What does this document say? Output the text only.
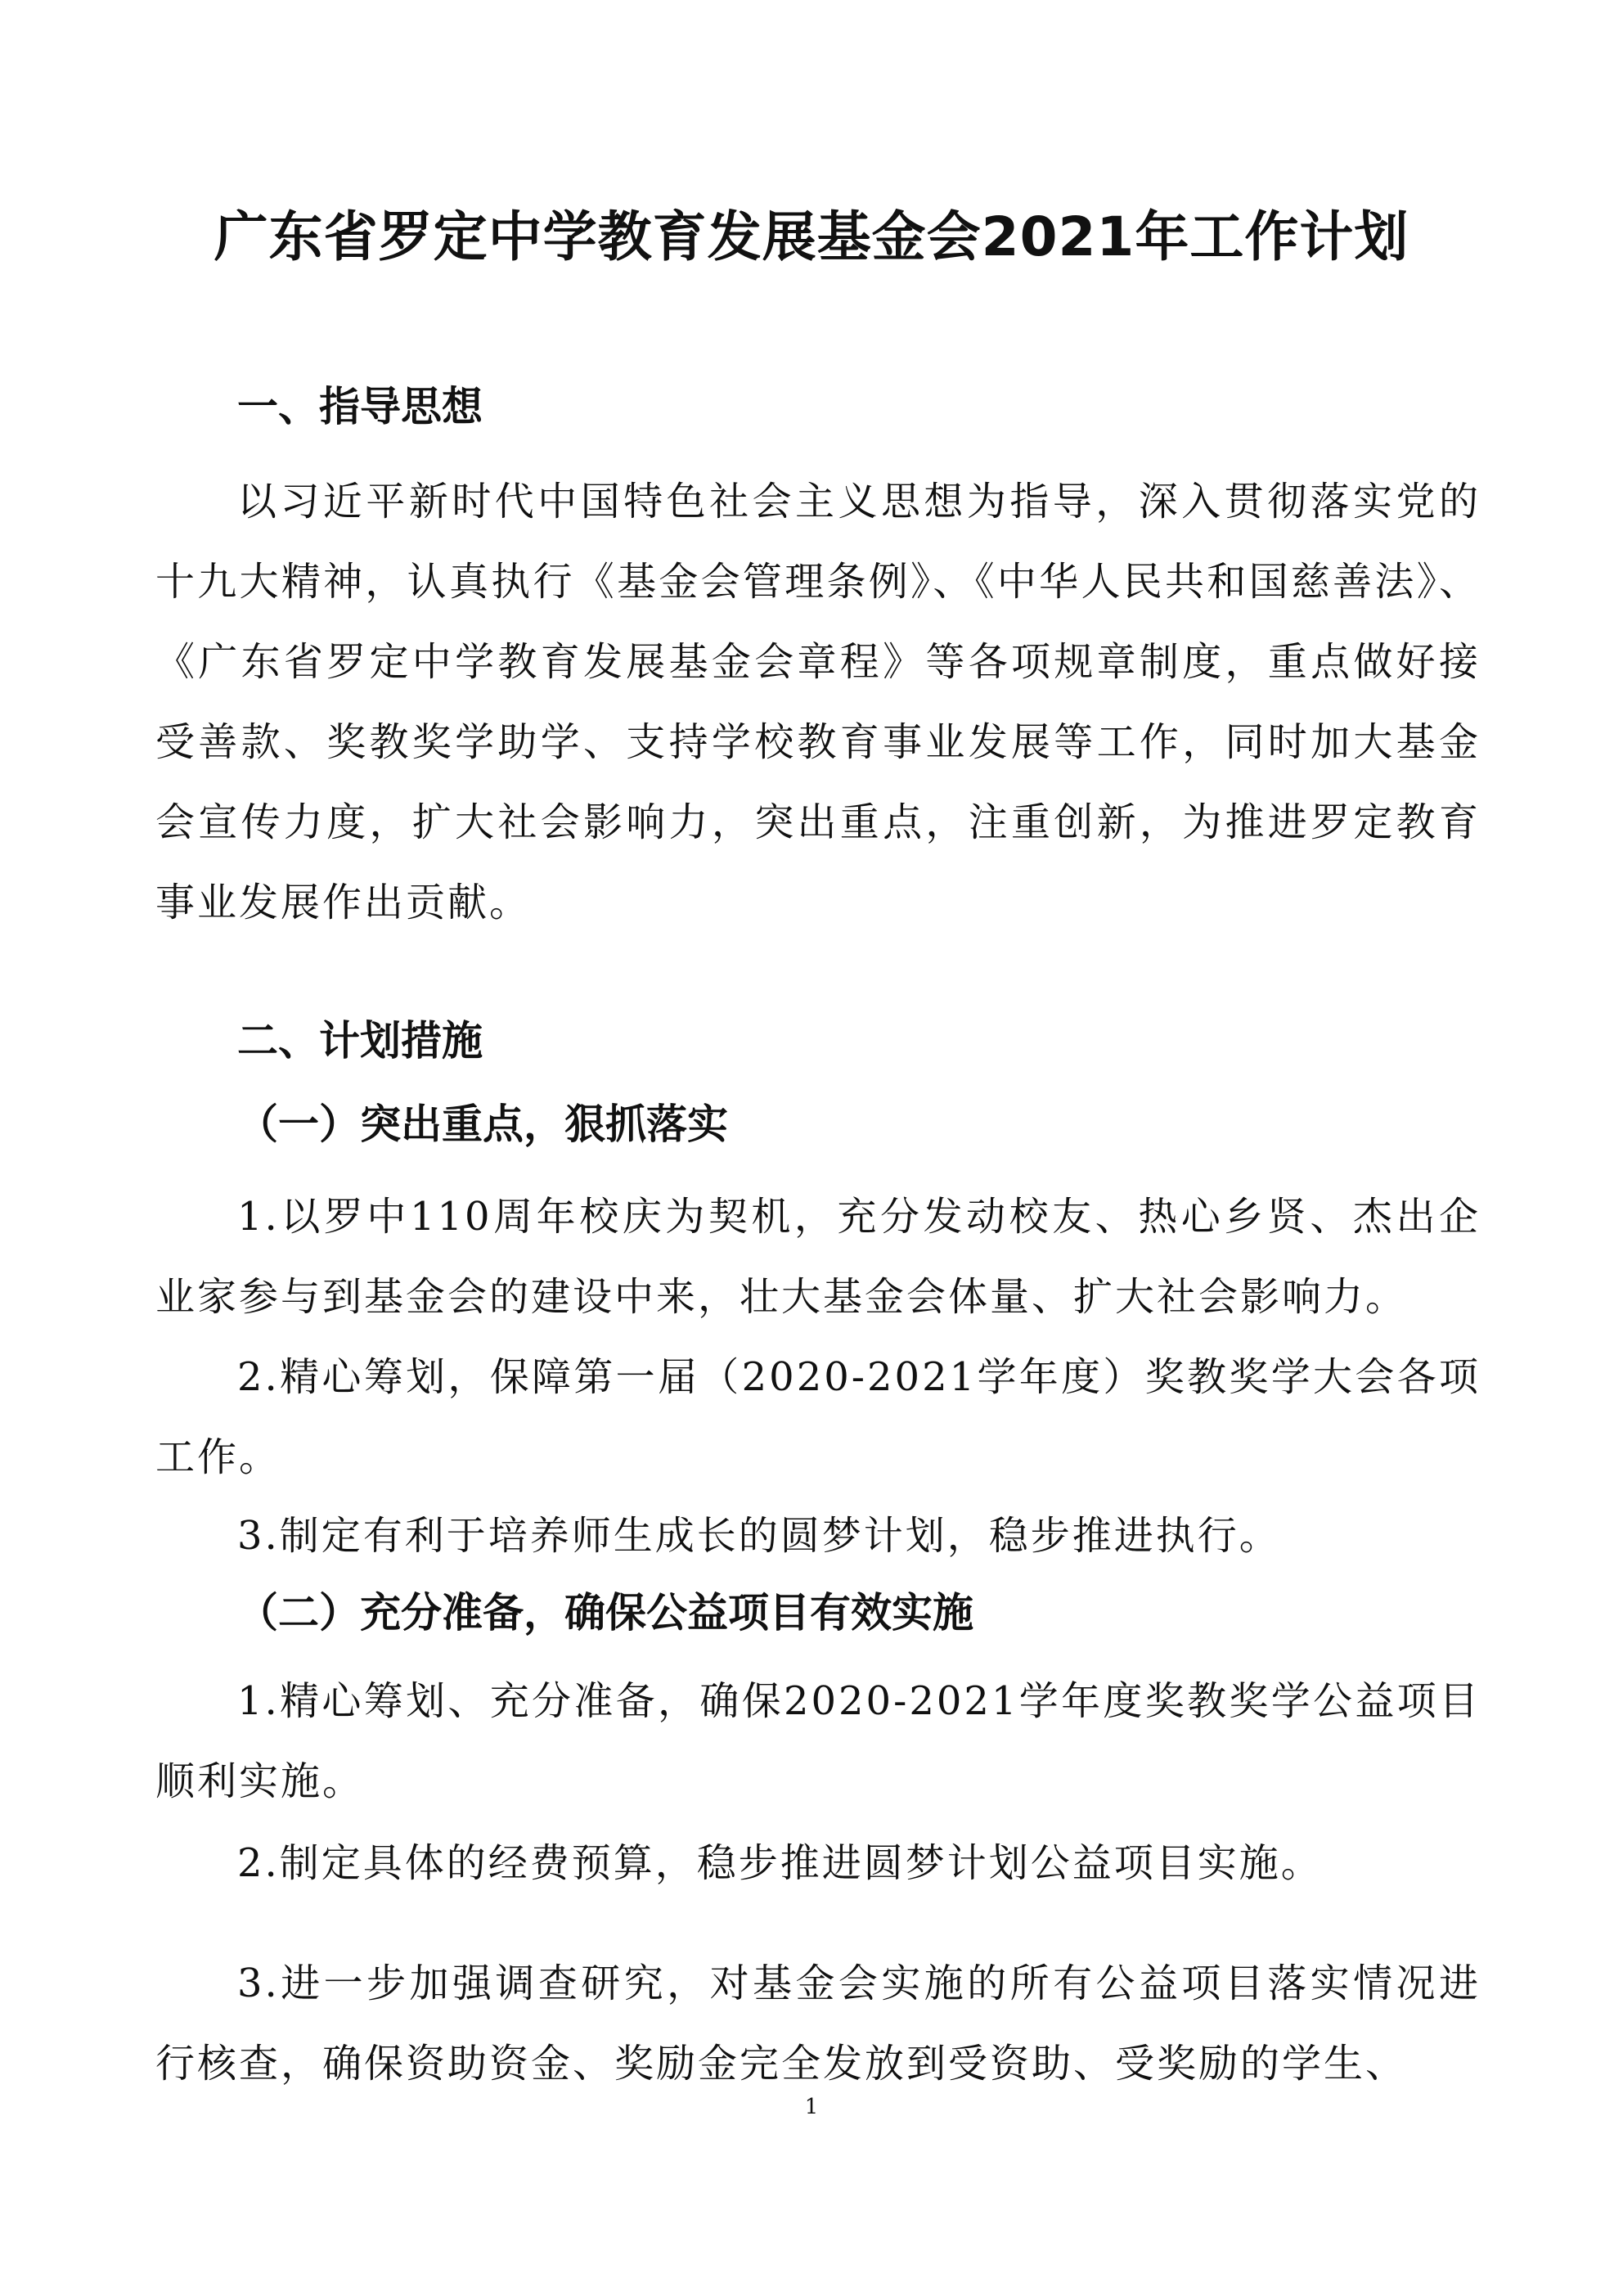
广东省罗定中学教育发展基金会2021年工作计划
一、指导思想
以习近平新时代中国特色社会主义思想为指导，深入贯彻落实党的十九大精神，认真执行《基金会管理条例》、《中华人民共和国慈善法》、《广东省罗定中学教育发展基金会章程》等各项规章制度，重点做好接受善款、奖教奖学助学、支持学校教育事业发展等工作，同时加大基金会宣传力度，扩大社会影响力，突出重点，注重创新，为推进罗定教育事业发展作出贡献。
二、计划措施
（一）突出重点，狠抓落实
1.以罗中110周年校庆为契机，充分发动校友、热心乡贤、杰出企业家参与到基金会的建设中来，壮大基金会体量、扩大社会影响力。
2.精心筹划，保障第一届（2020-2021学年度）奖教奖学大会各项工作。
3.制定有利于培养师生成长的圆梦计划，稳步推进执行。
（二）充分准备，确保公益项目有效实施
1.精心筹划、充分准备，确保2020-2021学年度奖教奖学公益项目顺利实施。
2.制定具体的经费预算，稳步推进圆梦计划公益项目实施。
3.进一步加强调查研究，对基金会实施的所有公益项目落实情况进行核查，确保资助资金、奖励金完全发放到受资助、受奖励的学生、
1
